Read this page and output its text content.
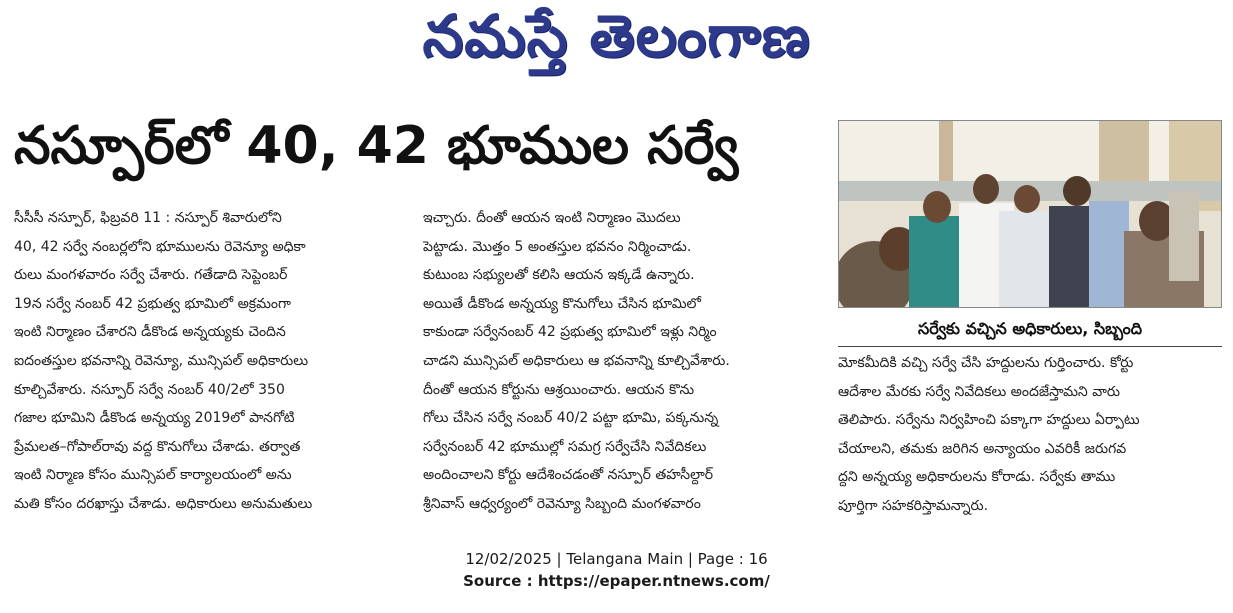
నమస్తే తెలంగాణ
నస్పూర్‌లో 40, 42 భూముల సర్వే
సీసీసీ నస్పూర్, ఫిబ్రవరి 11 : నస్పూర్ శివారులోని
40, 42 సర్వే నంబర్లలోని భూములను రెవెన్యూ అధికా
రులు మంగళవారం సర్వే చేశారు. గతేడాది సెప్టెంబర్
19న సర్వే నంబర్ 42 ప్రభుత్వ భూమిలో అక్రమంగా
ఇంటి నిర్మాణం చేశారని డీకొండ అన్నయ్యకు చెందిన
ఐదంతస్తుల భవనాన్ని రెవెన్యూ, మున్సిపల్ అధికారులు
కూల్చివేశారు. నస్పూర్ సర్వే నంబర్ 40/2లో 350
గజాల భూమిని డీకొండ అన్నయ్య 2019లో పానగోటి
ప్రేమలత–గోపాల్‌రావు వద్ద కొనుగోలు చేశాడు. తర్వాత
ఇంటి నిర్మాణ కోసం మున్సిపల్ కార్యాలయంలో అను
మతి కోసం దరఖాస్తు చేశాడు. అధికారులు అనుమతులు
ఇచ్చారు. దీంతో ఆయన ఇంటి నిర్మాణం మొదలు
పెట్టాడు. మొత్తం 5 అంతస్తుల భవనం నిర్మించాడు.
కుటుంబ సభ్యులతో కలిసి ఆయన ఇక్కడే ఉన్నారు.
అయితే డీకొండ అన్నయ్య కొనుగోలు చేసిన భూమిలో
కాకుండా సర్వేనంబర్ 42 ప్రభుత్వ భూమిలో ఇళ్లు నిర్మిం
చాడని మున్సిపల్ అధికారులు ఆ భవనాన్ని కూల్చివేశారు.
దీంతో ఆయన కోర్టును ఆశ్రయించారు. ఆయన కొను
గోలు చేసిన సర్వే నంబర్ 40/2 పట్టా భూమి, పక్కనున్న
సర్వేనంబర్ 42 భూముల్లో సమగ్ర సర్వేచేసి నివేదికలు
అందించాలని కోర్టు ఆదేశించడంతో నస్పూర్ తహసీల్దార్
శ్రీనివాస్ ఆధ్వర్యంలో రెవెన్యూ సిబ్బంది మంగళవారం
సర్వేకు వచ్చిన అధికారులు, సిబ్బంది
మోకమీదికి వచ్చి సర్వే చేసి హద్దులను గుర్తించారు. కోర్టు
ఆదేశాల మేరకు సర్వే నివేదికలు అందజేస్తామని వారు
తెలిపారు. సర్వేను నిర్వహించి పక్కాగా హద్దులు ఏర్పాటు
చేయాలని, తమకు జరిగిన అన్యాయం ఎవరికీ జరుగవ
ద్దని అన్నయ్య అధికారులను కోరాడు. సర్వేకు తాము
పూర్తిగా సహకరిస్తామన్నారు.
12/02/2025 | Telangana Main | Page : 16
Source : https://epaper.ntnews.com/
